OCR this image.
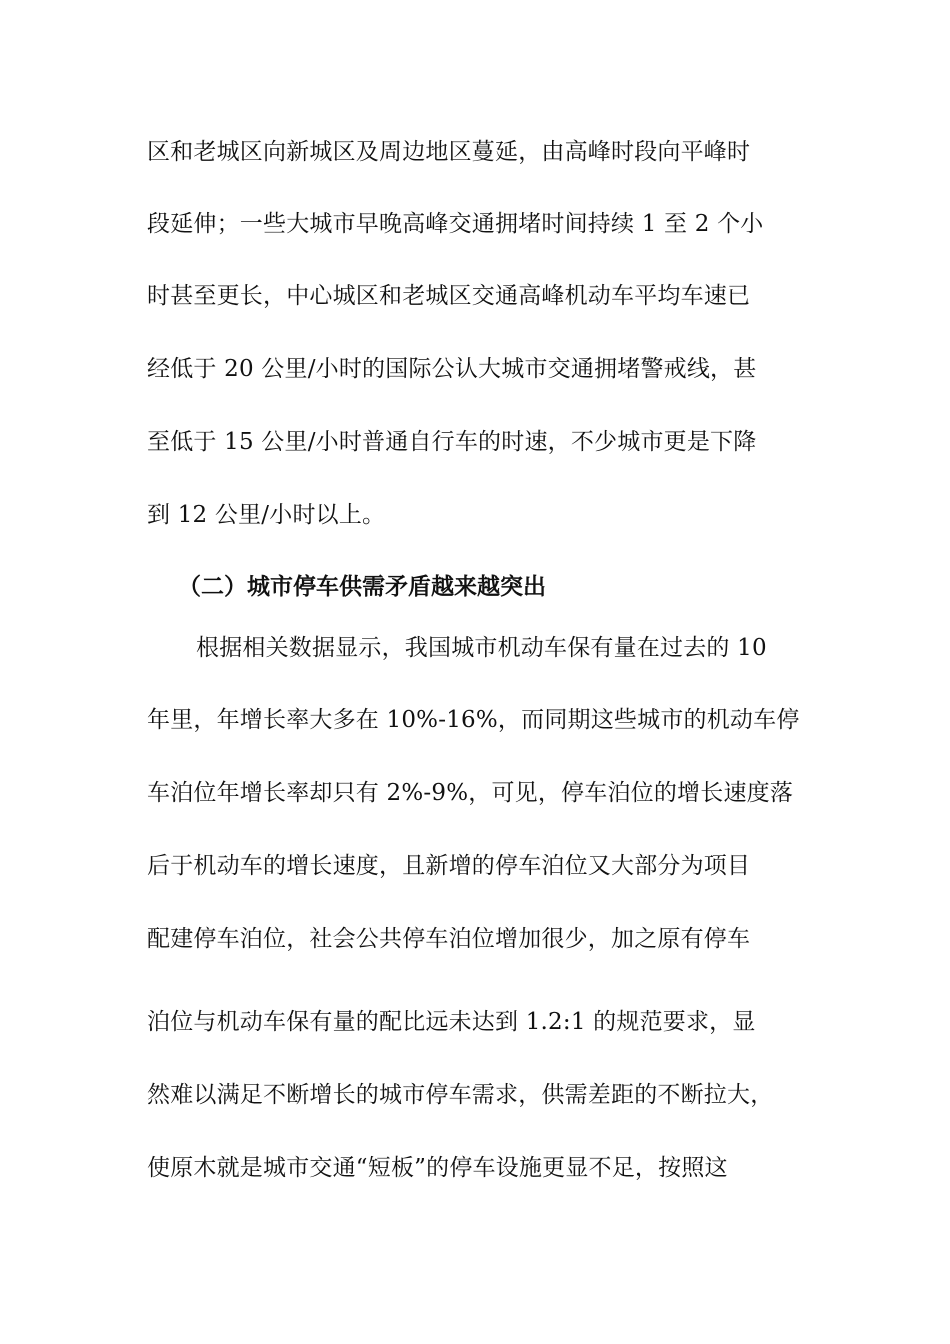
区和老城区向新城区及周边地区蔓延，由高峰时段向平峰时
段延伸；一些大城市早晚高峰交通拥堵时间持续 1 至 2 个小
时甚至更长，中心城区和老城区交通高峰机动车平均车速已
经低于 20 公里/小时的国际公认大城市交通拥堵警戒线，甚
至低于 15 公里/小时普通自行车的时速，不少城市更是下降
到 12 公里/小时以上。
（二）城市停车供需矛盾越来越突出
根据相关数据显示，我国城市机动车保有量在过去的 10
年里，年增长率大多在 10%-16%，而同期这些城市的机动车停
车泊位年增长率却只有 2%-9%，可见，停车泊位的增长速度落
后于机动车的增长速度，且新增的停车泊位又大部分为项目
配建停车泊位，社会公共停车泊位增加很少，加之原有停车
泊位与机动车保有量的配比远未达到 1.2:1 的规范要求，显
然难以满足不断增长的城市停车需求，供需差距的不断拉大，
使原木就是城市交通“短板”的停车设施更显不足，按照这
